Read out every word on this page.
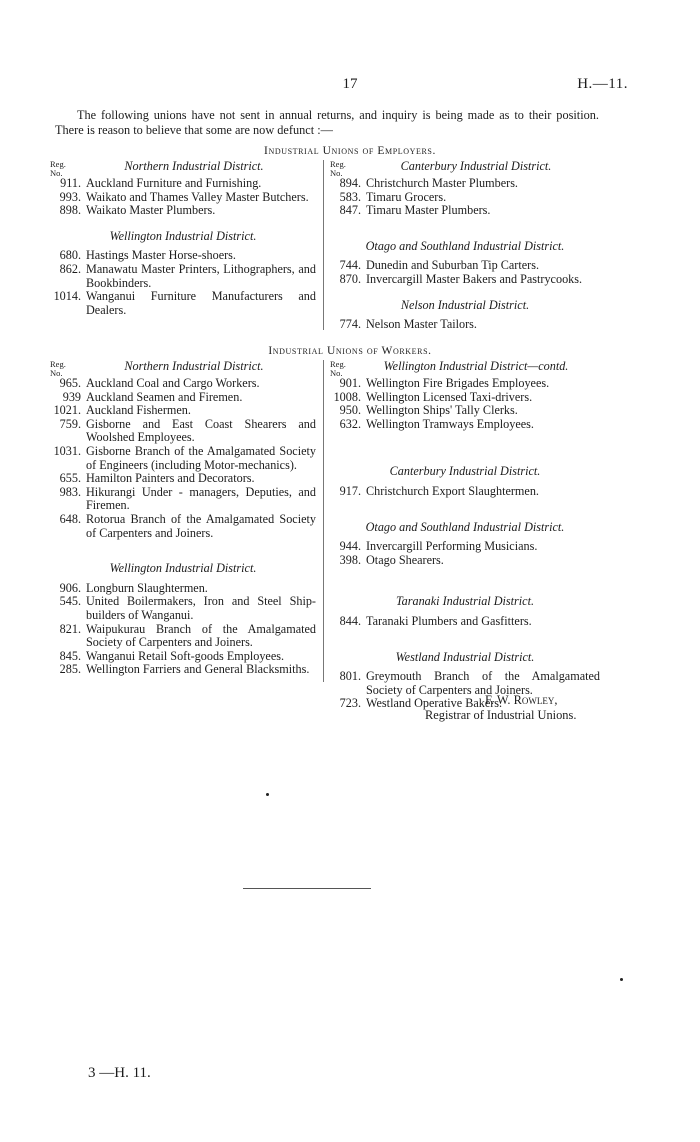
17	H.—11.
The following unions have not sent in annual returns, and inquiry is being made as to their position. There is reason to believe that some are now defunct :—
Industrial Unions of Employers.
Reg.
No.	Northern Industrial District.
911. Auckland Furniture and Furnishing.
993. Waikato and Thames Valley Master Butchers.
898. Waikato Master Plumbers.
Wellington Industrial District.
680. Hastings Master Horse-shoers.
862. Manawatu Master Printers, Lithographers, and Bookbinders.
1014. Wanganui Furniture Manufacturers and Dealers.
Reg.
No.	Canterbury Industrial District.
894. Christchurch Master Plumbers.
583. Timaru Grocers.
847. Timaru Master Plumbers.
Otago and Southland Industrial District.
744. Dunedin and Suburban Tip Carters.
870. Invercargill Master Bakers and Pastrycooks.
Nelson Industrial District.
774. Nelson Master Tailors.
Industrial Unions of Workers.
Reg.
No.	Northern Industrial District.
965. Auckland Coal and Cargo Workers.
939 Auckland Seamen and Firemen.
1021. Auckland Fishermen.
759. Gisborne and East Coast Shearers and Woolshed Employees.
1031. Gisborne Branch of the Amalgamated Society of Engineers (including Motor-mechanics).
655. Hamilton Painters and Decorators.
983. Hikurangi Under - managers, Deputies, and Firemen.
648. Rotorua Branch of the Amalgamated Society of Carpenters and Joiners.
Wellington Industrial District.
906. Longburn Slaughtermen.
545. United Boilermakers, Iron and Steel Ship-builders of Wanganui.
821. Waipukurau Branch of the Amalgamated Society of Carpenters and Joiners.
845. Wanganui Retail Soft-goods Employees.
285. Wellington Farriers and General Blacksmiths.
Reg.
No.	Wellington Industrial District—contd.
901. Wellington Fire Brigades Employees.
1008. Wellington Licensed Taxi-drivers.
950. Wellington Ships' Tally Clerks.
632. Wellington Tramways Employees.
Canterbury Industrial District.
917. Christchurch Export Slaughtermen.
Otago and Southland Industrial District.
944. Invercargill Performing Musicians.
398. Otago Shearers.
Taranaki Industrial District.
844. Taranaki Plumbers and Gasfitters.
Westland Industrial District.
801. Greymouth Branch of the Amalgamated Society of Carpenters and Joiners.
723. Westland Operative Bakers.
F. W. Rowley,
Registrar of Industrial Unions.
3 —H. 11.
